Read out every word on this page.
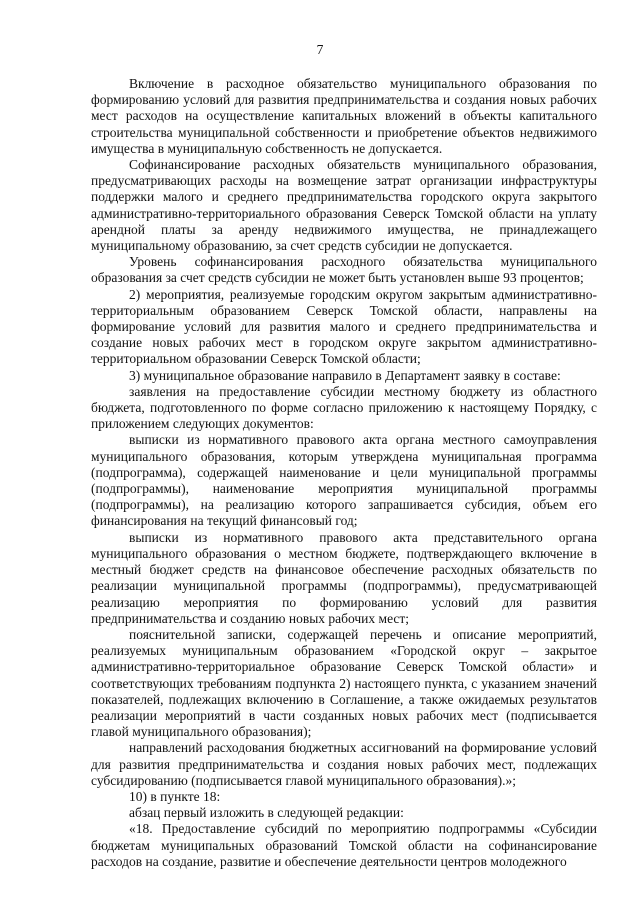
7

Включение в расходное обязательство муниципального образования по формированию условий для развития предпринимательства и создания новых рабочих мест расходов на осуществление капитальных вложений в объекты капитального строительства муниципальной собственности и приобретение объектов недвижимого имущества в муниципальную собственность не допускается.

Софинансирование расходных обязательств муниципального образования, предусматривающих расходы на возмещение затрат организации инфраструктуры поддержки малого и среднего предпринимательства городского округа закрытого административно-территориального образования Северск Томской области на уплату арендной платы за аренду недвижимого имущества, не принадлежащего муниципальному образованию, за счет средств субсидии не допускается.

Уровень софинансирования расходного обязательства муниципального образования за счет средств субсидии не может быть установлен выше 93 процентов;

2) мероприятия, реализуемые городским округом закрытым административно-территориальным образованием Северск Томской области, направлены на формирование условий для развития малого и среднего предпринимательства и создание новых рабочих мест в городском округе закрытом административно-территориальном образовании Северск Томской области;

3) муниципальное образование направило в Департамент заявку в составе:

заявления на предоставление субсидии местному бюджету из областного бюджета, подготовленного по форме согласно приложению к настоящему Порядку, с приложением следующих документов:

выписки из нормативного правового акта органа местного самоуправления муниципального образования, которым утверждена муниципальная программа (подпрограмма), содержащей наименование и цели муниципальной программы (подпрограммы), наименование мероприятия муниципальной программы (подпрограммы), на реализацию которого запрашивается субсидия, объем его финансирования на текущий финансовый год;

выписки из нормативного правового акта представительного органа муниципального образования о местном бюджете, подтверждающего включение в местный бюджет средств на финансовое обеспечение расходных обязательств по реализации муниципальной программы (подпрограммы), предусматривающей реализацию мероприятия по формированию условий для развития предпринимательства и созданию новых рабочих мест;

пояснительной записки, содержащей перечень и описание мероприятий, реализуемых муниципальным образованием «Городской округ – закрытое административно-территориальное образование Северск Томской области» и соответствующих требованиям подпункта 2) настоящего пункта, с указанием значений показателей, подлежащих включению в Соглашение, а также ожидаемых результатов реализации мероприятий в части созданных новых рабочих мест (подписывается главой муниципального образования);

направлений расходования бюджетных ассигнований на формирование условий для развития предпринимательства и создания новых рабочих мест, подлежащих субсидированию (подписывается главой муниципального образования).»;

10) в пункте 18:

абзац первый изложить в следующей редакции:

«18. Предоставление субсидий по мероприятию подпрограммы «Субсидии бюджетам муниципальных образований Томской области на софинансирование расходов на создание, развитие и обеспечение деятельности центров молодежного
